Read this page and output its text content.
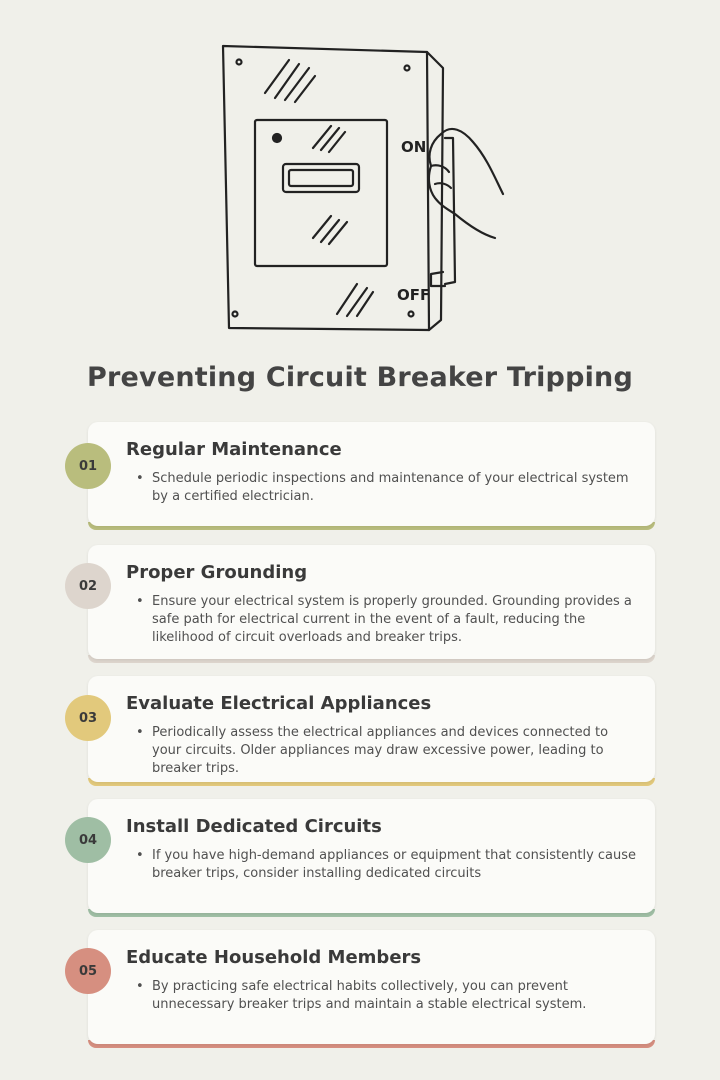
ON
OFF
Preventing Circuit Breaker Tripping
Regular Maintenance
• Schedule periodic inspections and maintenance of your electrical system by a certified electrician.
01
Proper Grounding
• Ensure your electrical system is properly grounded. Grounding provides a safe path for electrical current in the event of a fault, reducing the likelihood of circuit overloads and breaker trips.
02
Evaluate Electrical Appliances
• Periodically assess the electrical appliances and devices connected to your circuits. Older appliances may draw excessive power, leading to breaker trips.
03
Install Dedicated Circuits
• If you have high-demand appliances or equipment that consistently cause breaker trips, consider installing dedicated circuits
04
Educate Household Members
• By practicing safe electrical habits collectively, you can prevent unnecessary breaker trips and maintain a stable electrical system.
05
